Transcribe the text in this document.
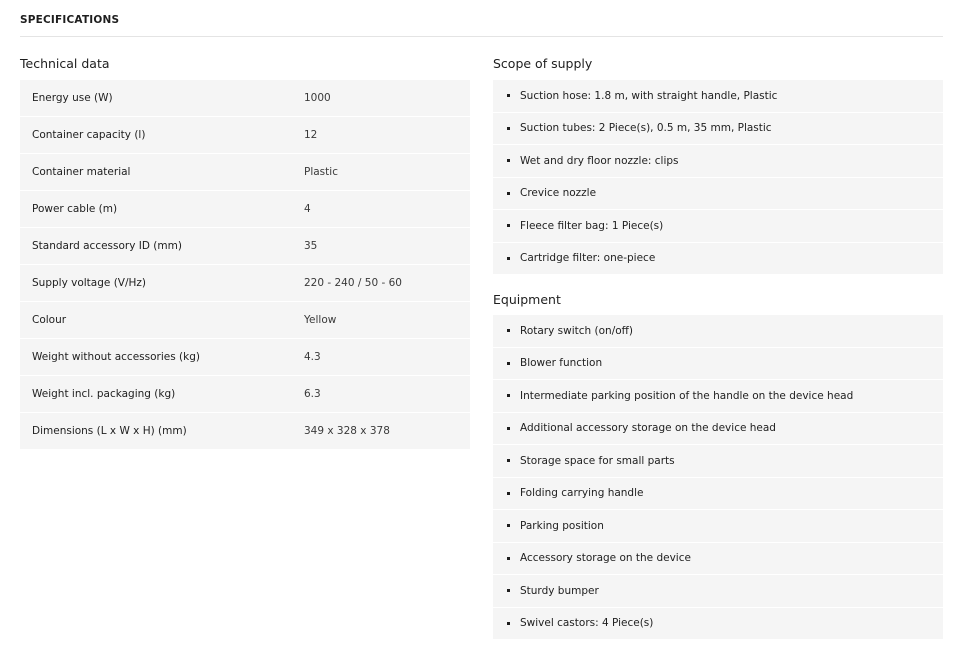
SPECIFICATIONS
Technical data
Energy use (W)	1000
Container capacity (l)	12
Container material	Plastic
Power cable (m)	4
Standard accessory ID (mm)	35
Supply voltage (V/Hz)	220 - 240 / 50 - 60
Colour	Yellow
Weight without accessories (kg)	4.3
Weight incl. packaging (kg)	6.3
Dimensions (L x W x H) (mm)	349 x 328 x 378
Scope of supply
Suction hose: 1.8 m, with straight handle, Plastic
Suction tubes: 2 Piece(s), 0.5 m, 35 mm, Plastic
Wet and dry floor nozzle: clips
Crevice nozzle
Fleece filter bag: 1 Piece(s)
Cartridge filter: one-piece
Equipment
Rotary switch (on/off)
Blower function
Intermediate parking position of the handle on the device head
Additional accessory storage on the device head
Storage space for small parts
Folding carrying handle
Parking position
Accessory storage on the device
Sturdy bumper
Swivel castors: 4 Piece(s)
